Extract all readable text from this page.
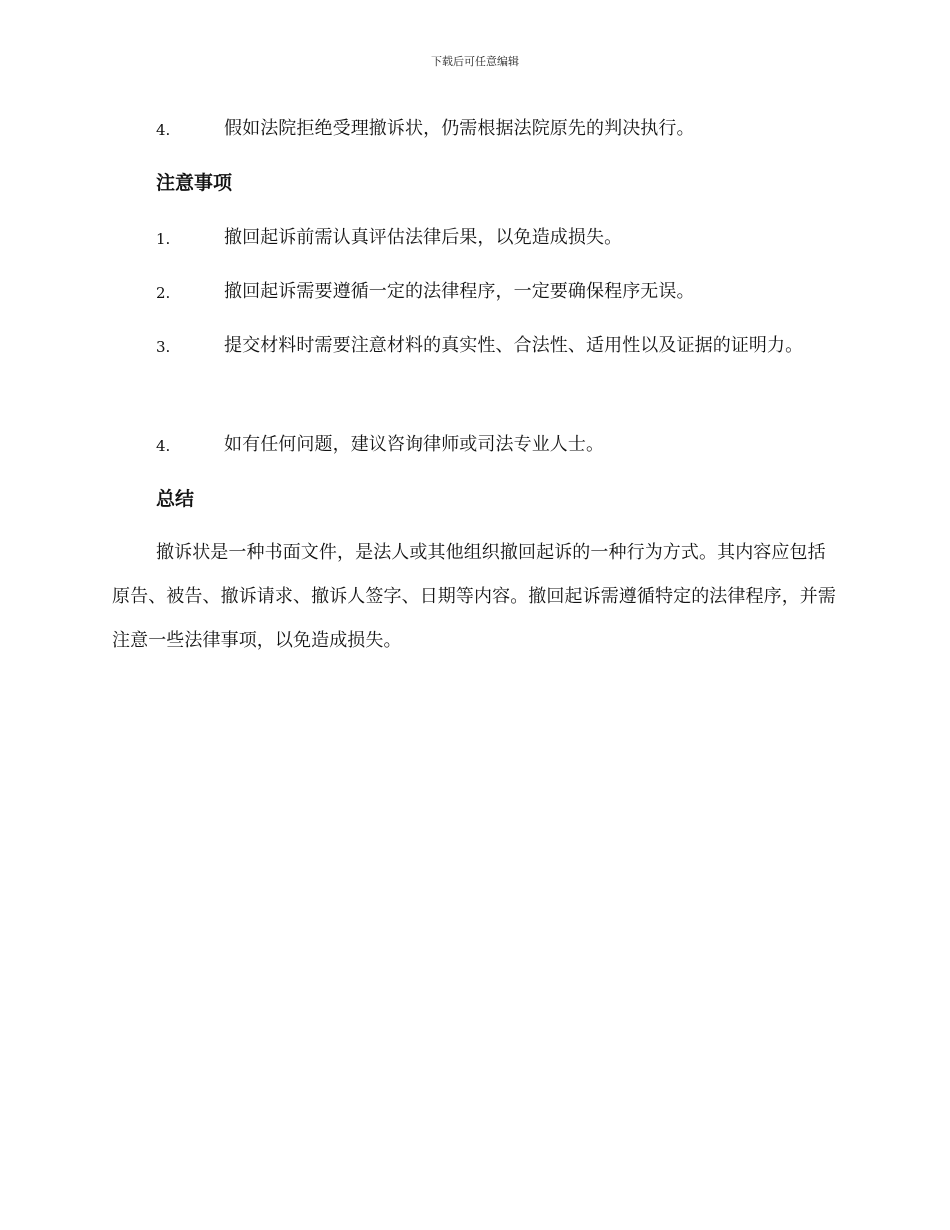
下载后可任意编辑
4.	假如法院拒绝受理撤诉状，仍需根据法院原先的判决执行。
注意事项
1.	撤回起诉前需认真评估法律后果，以免造成损失。
2.	撤回起诉需要遵循一定的法律程序，一定要确保程序无误。
3.	提交材料时需要注意材料的真实性、合法性、适用性以及证据的证明力。
4.	如有任何问题，建议咨询律师或司法专业人士。
总结
撤诉状是一种书面文件，是法人或其他组织撤回起诉的一种行为方式。其内容应包括原告、被告、撤诉请求、撤诉人签字、日期等内容。撤回起诉需遵循特定的法律程序，并需注意一些法律事项，以免造成损失。
